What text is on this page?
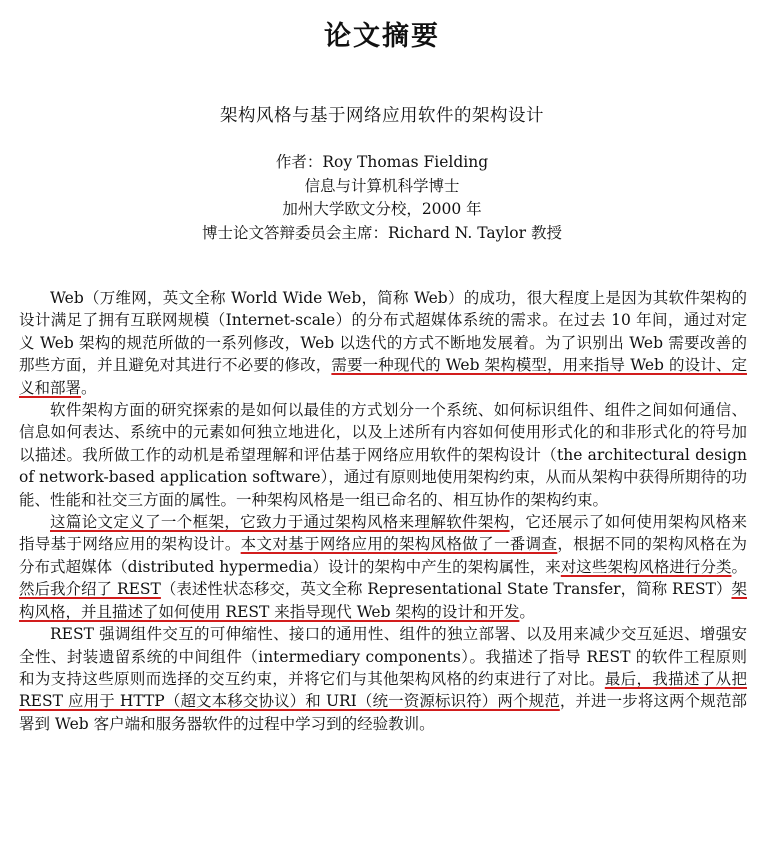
论文摘要
架构风格与基于网络应用软件的架构设计
作者：Roy Thomas Fielding
信息与计算机科学博士
加州大学欧文分校，2000 年
博士论文答辩委员会主席：Richard N. Taylor 教授

Web（万维网，英文全称 World Wide Web，简称 Web）的成功，很大程度上是因为其软件架构的设计满足了拥有互联网规模（Internet-scale）的分布式超媒体系统的需求。在过去 10 年间，通过对定义 Web 架构的规范所做的一系列修改，Web 以迭代的方式不断地发展着。为了识别出 Web 需要改善的那些方面，并且避免对其进行不必要的修改，需要一种现代的 Web 架构模型，用来指导 Web 的设计、定义和部署。

软件架构方面的研究探索的是如何以最佳的方式划分一个系统、如何标识组件、组件之间如何通信、信息如何表达、系统中的元素如何独立地进化，以及上述所有内容如何使用形式化的和非形式化的符号加以描述。我所做工作的动机是希望理解和评估基于网络应用软件的架构设计（the architectural design of network-based application software），通过有原则地使用架构约束，从而从架构中获得所期待的功能、性能和社交三方面的属性。一种架构风格是一组已命名的、相互协作的架构约束。

这篇论文定义了一个框架，它致力于通过架构风格来理解软件架构，它还展示了如何使用架构风格来指导基于网络应用的架构设计。本文对基于网络应用的架构风格做了一番调查，根据不同的架构风格在为分布式超媒体（distributed hypermedia）设计的架构中产生的架构属性，来对这些架构风格进行分类。然后我介绍了 REST（表述性状态移交，英文全称 Representational State Transfer，简称 REST）架构风格，并且描述了如何使用 REST 来指导现代 Web 架构的设计和开发。

REST 强调组件交互的可伸缩性、接口的通用性、组件的独立部署、以及用来减少交互延迟、增强安全性、封装遗留系统的中间组件（intermediary components）。我描述了指导 REST 的软件工程原则和为支持这些原则而选择的交互约束，并将它们与其他架构风格的约束进行了对比。最后，我描述了从把 REST 应用于 HTTP（超文本移交协议）和 URI（统一资源标识符）两个规范，并进一步将这两个规范部署到 Web 客户端和服务器软件的过程中学习到的经验教训。
